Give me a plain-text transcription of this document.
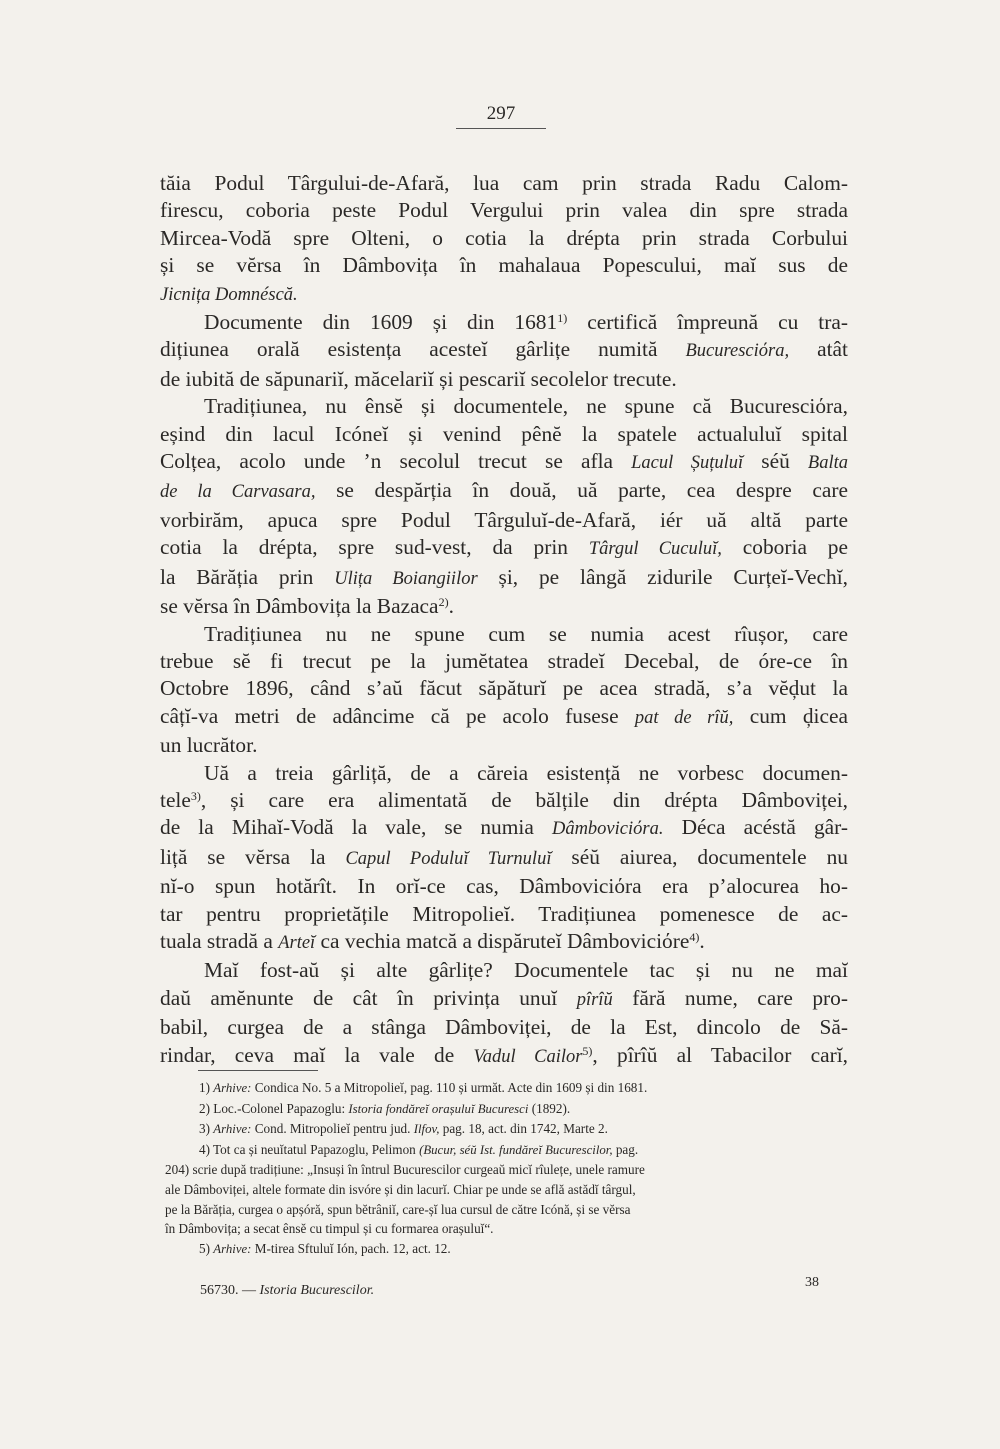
297
tăia Podul Târgului-de-Afară, lua cam prin strada Radu Calom-
firescu, coboria peste Podul Vergului prin valea din spre strada
Mircea-Vodă spre Olteni, o cotia la drépta prin strada Corbului
și se vĕrsa în Dâmbovița în mahalaua Popescului, maĭ sus de
Jicnița Domnéscă.
Documente din 1609 și din 1681$^{1)}$ certifică împreună cu tra-
dițiunea orală esistența acesteĭ gârlițe numită Bucuresciόra, atât
de iubită de săpunariĭ, măcelariĭ și pescariĭ secolelor trecute.
Tradițiunea, nu ênsĕ și documentele, ne spune că Bucuresciόra,
eșind din lacul Icóneĭ și venind pênĕ la spatele actualuluĭ spital
Colțea, acolo unde ’n secolul trecut se afla Lacul Șuțuluĭ séŭ Balta
de la Carvasara, se despărția în două, uă parte, cea despre care
vorbirăm, apuca spre Podul Târguluĭ-de-Afară, iér uă altă parte
cotia la drépta, spre sud-vest, da prin Târgul Cuculuĭ, coboria pe
la Bărăția prin Ulița Boiangiilor și, pe lângă zidurile Curțeĭ-Vechĭ,
se vĕrsa în Dâmbovița la Bazaca$^{2)}$.
Tradițiunea nu ne spune cum se numia acest rîușor, care
trebue sĕ fi trecut pe la jumĕtatea stradeĭ Decebal, de óre-ce în
Octobre 1896, când s’aŭ făcut săpăturĭ pe acea stradă, s’a vĕḑut la
câțĭ-va metri de adâncime că pe acolo fusese pat de rîŭ, cum ḑicea
un lucrător.
Uă a treia gârliță, de a căreia esistență ne vorbesc documen-
tele$^{3)}$, și care era alimentată de bălțile din drépta Dâmboviței,
de la Mihaĭ-Vodă la vale, se numia Dâmboviciόra. Déca acéstă gâr-
liță se vĕrsa la Capul Poduluĭ Turnuluĭ séŭ aiurea, documentele nu
nĭ-o spun hotărît. In orĭ-ce cas, Dâmboviciόra era p’alocurea ho-
tar pentru proprietățile Mitropolieĭ. Tradițiunea pomenesce de ac-
tuala stradă a Arteĭ ca vechia matcă a dispăruteĭ Dâmboviciόre$^{4)}$.
Maĭ fost-aŭ și alte gârlițe? Documentele tac și nu ne maĭ
daŭ amĕnunte de cât în privința unuĭ pîrîŭ fără nume, care pro-
babil, curgea de a stânga Dâmboviței, de la Est, dincolo de Să-
rindar, ceva maĭ la vale de Vadul Cailor$^{5)}$, pîrîŭ al Tabacilor carĭ,
1) Arhive: Condica No. 5 a Mitropolieĭ, pag. 110 și următ. Acte din 1609 și din 1681.
2) Loc.-Colonel Papazoglu: Istoria fondăreĭ orașuluĭ Bucuresci (1892).
3) Arhive: Cond. Mitropolieĭ pentru jud. Ilfov, pag. 18, act. din 1742, Marte 2.
4) Tot ca și neuĭtatul Papazoglu, Pelimon (Bucur, séŭ Ist. fundăreĭ Bucurescilor, pag.
204) scrie după tradițiune: „Insuși în întrul Bucurescilor curgeaŭ micĭ rîulețe, unele ramure
ale Dâmboviței, altele formate din isvóre și din lacurĭ. Chiar pe unde se află astădĭ târgul,
pe la Bărăția, curgea o apșóră, spun bĕtrâniĭ, care-șĭ lua cursul de către Icónă, și se vĕrsa
în Dâmbovița; a secat ênsĕ cu timpul și cu formarea orașuluĭ“.
5) Arhive: M-tirea Sftuluĭ Ión, pach. 12, act. 12.
56730. — Istoria Bucurescilor.
38
